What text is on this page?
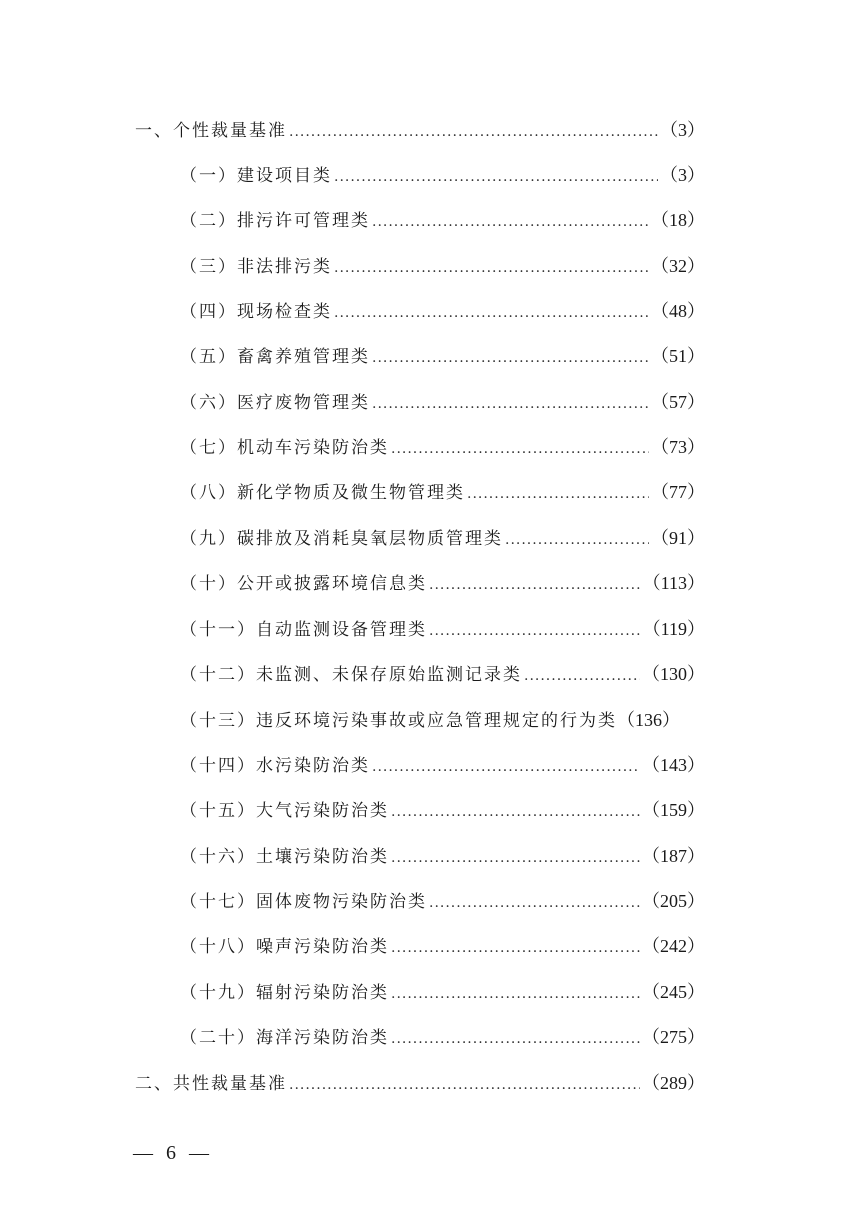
一、个性裁量基准 .....	（3）
（一）建设项目类 .....	（3）
（二）排污许可管理类 .....	（18）
（三）非法排污类 .....	（32）
（四）现场检查类 .....	（48）
（五）畜禽养殖管理类 .....	（51）
（六）医疗废物管理类 .....	（57）
（七）机动车污染防治类 .....	（73）
（八）新化学物质及微生物管理类 .....	（77）
（九）碳排放及消耗臭氧层物质管理类 .....	（91）
（十）公开或披露环境信息类 .....	（113）
（十一）自动监测设备管理类 .....	（119）
（十二）未监测、未保存原始监测记录类 .....	（130）
（十三）违反环境污染事故或应急管理规定的行为类 （136）
（十四）水污染防治类 .....	（143）
（十五）大气污染防治类 .....	（159）
（十六）土壤污染防治类 .....	（187）
（十七）固体废物污染防治类 .....	（205）
（十八）噪声污染防治类 .....	（242）
（十九）辐射污染防治类 .....	（245）
（二十）海洋污染防治类 .....	（275）
二、共性裁量基准 .....	（289）
— 6 —
